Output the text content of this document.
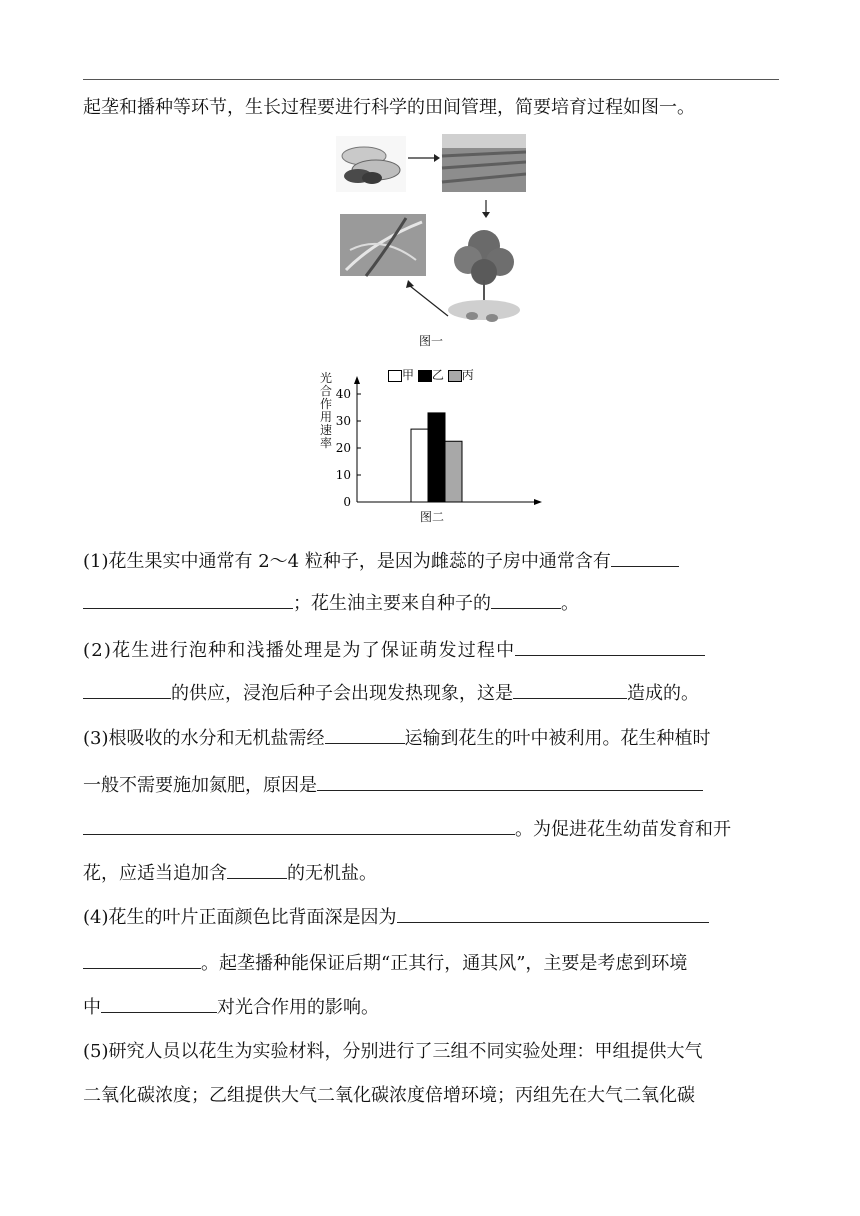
起垄和播种等环节，生长过程要进行科学的田间管理，简要培育过程如图一。
图一
光合作用速率
甲 乙 丙
40
30
20
10
0
图二
(1)花生果实中通常有 2～4 粒种子，是因为雌蕊的子房中通常含有
；花生油主要来自种子的	。
(2)花生进行泡种和浅播处理是为了保证萌发过程中
的供应，浸泡后种子会出现发热现象，这是	造成的。
(3)根吸收的水分和无机盐需经	运输到花生的叶中被利用。花生种植时
一般不需要施加氮肥，原因是
。为促进花生幼苗发育和开
花，应适当追加含	的无机盐。
(4)花生的叶片正面颜色比背面深是因为
。起垄播种能保证后期“正其行，通其风”，主要是考虑到环境
中	对光合作用的影响。
(5)研究人员以花生为实验材料，分别进行了三组不同实验处理：甲组提供大气
二氧化碳浓度；乙组提供大气二氧化碳浓度倍增环境；丙组先在大气二氧化碳
